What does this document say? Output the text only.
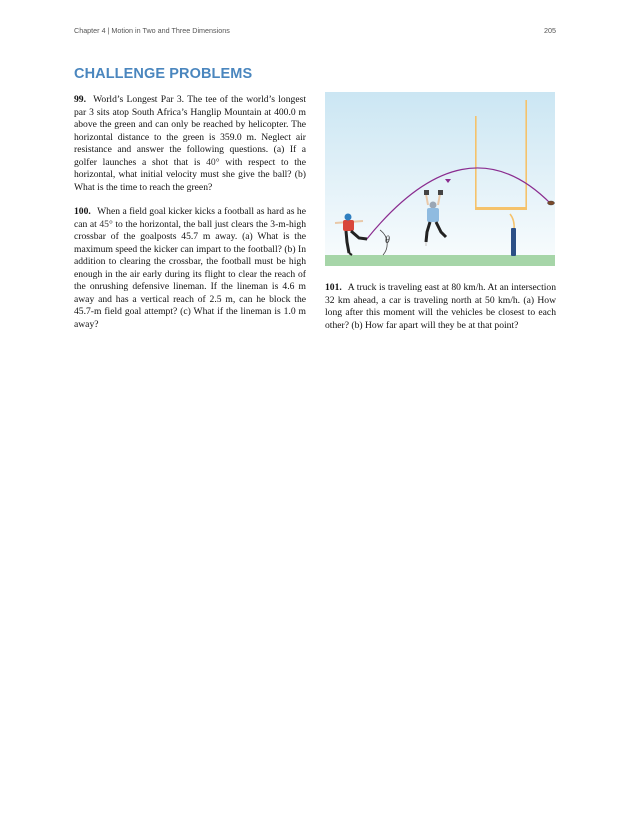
Chapter 4 | Motion in Two and Three Dimensions	205
CHALLENGE PROBLEMS

99. World’s Longest Par 3. The tee of the world’s longest par 3 sits atop South Africa’s Hanglip Mountain at 400.0 m above the green and can only be reached by helicopter. The horizontal distance to the green is 359.0 m. Neglect air resistance and answer the following questions. (a) If a golfer launches a shot that is 40° with respect to the horizontal, what initial velocity must she give the ball? (b) What is the time to reach the green?

100. When a field goal kicker kicks a football as hard as he can at 45° to the horizontal, the ball just clears the 3-m-high crossbar of the goalposts 45.7 m away. (a) What is the maximum speed the kicker can impart to the football? (b) In addition to clearing the crossbar, the football must be high enough in the air early during its flight to clear the reach of the onrushing defensive lineman. If the lineman is 4.6 m away and has a vertical reach of 2.5 m, can he block the 45.7-m field goal attempt? (c) What if the lineman is 1.0 m away?

θ

101. A truck is traveling east at 80 km/h. At an intersection 32 km ahead, a car is traveling north at 50 km/h. (a) How long after this moment will the vehicles be closest to each other? (b) How far apart will they be at that point?
